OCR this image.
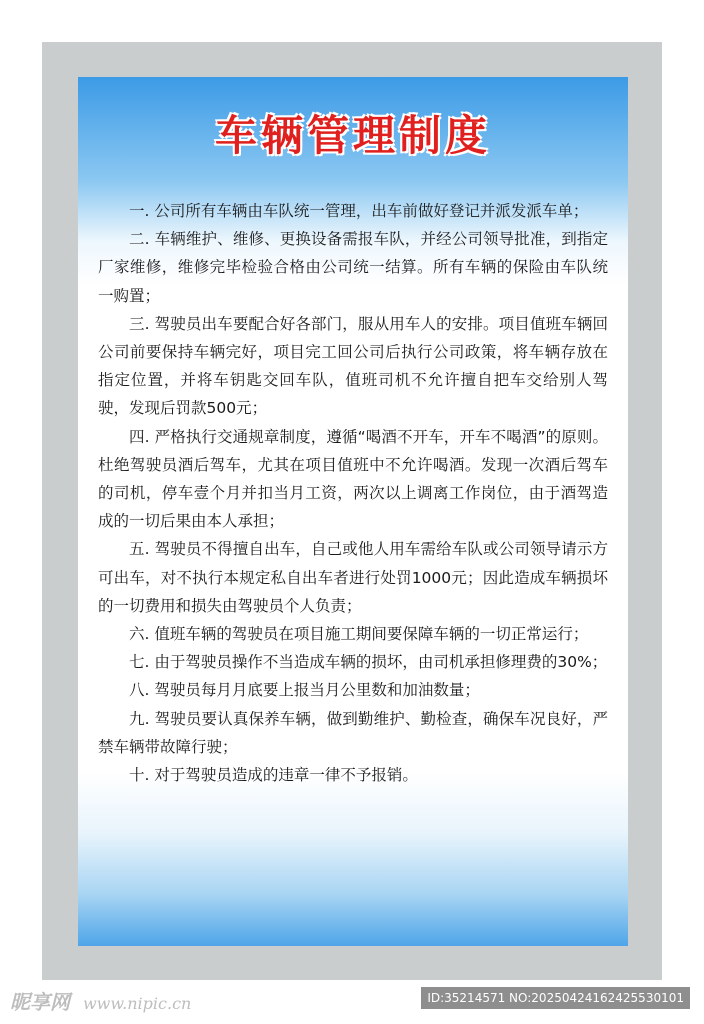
车辆管理制度
一. 公司所有车辆由车队统一管理，出车前做好登记并派发派车单；
二. 车辆维护、维修、更换设备需报车队，并经公司领导批准，到指定厂家维修，维修完毕检验合格由公司统一结算。所有车辆的保险由车队统一购置；
三. 驾驶员出车要配合好各部门，服从用车人的安排。项目值班车辆回公司前要保持车辆完好，项目完工回公司后执行公司政策，将车辆存放在指定位置，并将车钥匙交回车队，值班司机不允许擅自把车交给别人驾驶，发现后罚款500元；
四. 严格执行交通规章制度，遵循“喝酒不开车，开车不喝酒”的原则。杜绝驾驶员酒后驾车，尤其在项目值班中不允许喝酒。发现一次酒后驾车的司机，停车壹个月并扣当月工资，两次以上调离工作岗位，由于酒驾造成的一切后果由本人承担；
五. 驾驶员不得擅自出车，自己或他人用车需给车队或公司领导请示方可出车，对不执行本规定私自出车者进行处罚1000元；因此造成车辆损坏的一切费用和损失由驾驶员个人负责；
六. 值班车辆的驾驶员在项目施工期间要保障车辆的一切正常运行；
七. 由于驾驶员操作不当造成车辆的损坏，由司机承担修理费的30%；
八. 驾驶员每月月底要上报当月公里数和加油数量；
九. 驾驶员要认真保养车辆，做到勤维护、勤检查，确保车况良好，严禁车辆带故障行驶；
十. 对于驾驶员造成的违章一律不予报销。
昵享网 www.nipic.cn	ID:35214571 NO:20250424162425530101
